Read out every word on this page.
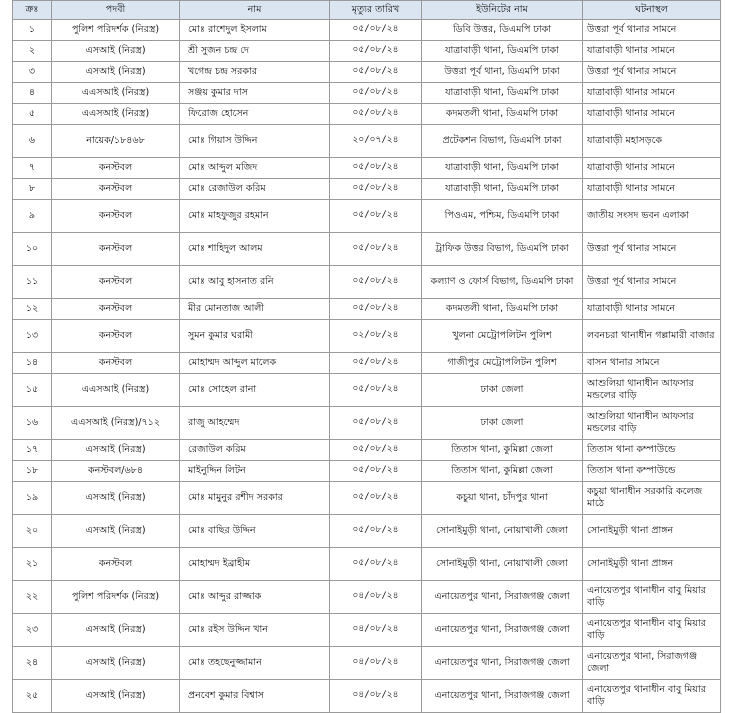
ক্রঃ	পদবী	নাম	মৃত্যুর তারিখ	ইউনিটের নাম	ঘটনাস্থল
১	পুলিশ পরিদর্শক (নিরস্ত্র)	মোঃ রাশেদুল ইসলাম	০৫/০৮/২৪	ডিবি উত্তর, ডিএমপি ঢাকা	উত্তরা পূর্ব থানার সামনে
২	এসআই (নিরস্ত্র)	শ্রী সুজন চন্দ্র দে	০৫/০৮/২৪	যাত্রাবাড়ী থানা, ডিএমপি ঢাকা	যাত্রাবাড়ী থানার সামনে
৩	এসআই (নিরস্ত্র)	খগেন্দ্র চন্দ্র সরকার	০৫/০৮/২৪	উত্তরা পূর্ব থানা, ডিএমপি ঢাকা	উত্তরা পূর্ব থানার সামনে
৪	এএসআই (নিরস্ত্র)	সঞ্জয় কুমার দাস	০৫/০৮/২৪	যাত্রাবাড়ী থানা, ডিএমপি ঢাকা	যাত্রাবাড়ী থানার সামনে
৫	এএসআই (নিরস্ত্র)	ফিরোজ হোসেন	০৫/০৮/২৪	কদমতলী থানা, ডিএমপি ঢাকা	যাত্রাবাড়ী থানার সামনে
৬	নায়েক/১৮৪৬৮	মোঃ গিয়াস উদ্দিন	২০/০৭/২৪	প্রটেকশন বিভাগ, ডিএমপি ঢাকা	যাত্রাবাড়ী মহাসড়কে
৭	কনস্টবল	মোঃ আব্দুল মজিদ	০৫/০৮/২৪	যাত্রাবাড়ী থানা, ডিএমপি ঢাকা	যাত্রাবাড়ী থানার সামনে
৮	কনস্টবল	মোঃ রেজাউল করিম	০৫/০৮/২৪	যাত্রাবাড়ী থানা, ডিএমপি ঢাকা	যাত্রাবাড়ী থানার সামনে
৯	কনস্টবল	মোঃ মাহফুজুর রহমান	০৫/০৮/২৪	পিওএম, পশ্চিম, ডিএমপি ঢাকা	জাতীয় সংসদ ভবন এলাকা
১০	কনস্টবল	মোঃ শাহিদুল আলম	০৫/০৮/২৪	ট্রাফিক উত্তর বিভাগ, ডিএমপি ঢাকা	উত্তরা পূর্ব থানার সামনে
১১	কনস্টবল	মোঃ আবু হাসনাত রনি	০৫/০৮/২৪	কল্যাণ ও ফোর্স বিভাগ, ডিএমপি ঢাকা	উত্তরা পূর্ব থানার সামনে
১২	কনস্টবল	মীর মোনতাজ আলী	০৫/০৮/২৪	কদমতলী থানা, ডিএমপি ঢাকা	যাত্রাবাড়ী থানার সামনে
১৩	কনস্টবল	সুমন কুমার ঘরামী	০২/০৮/২৪	খুলনা মেট্রোপলিটন পুলিশ	লবনচরা থানাধীন গল্লামারী বাজার
১৪	কনস্টবল	মোহাম্মদ আব্দুল মালেক	০৫/০৮/২৪	গাজীপুর মেট্রোপলিটন পুলিশ	বাসন থানার সামনে
১৫	এএসআই (নিরস্ত্র)	মোঃ সোহেল রানা	০৫/০৮/২৪	ঢাকা জেলা	আশুলিয়া থানাধীন আফসার মন্ডলের বাড়ি
১৬	এএসআই (নিরস্ত্র)/৭১২	রাজু আহম্মেদ	০৫/০৮/২৪	ঢাকা জেলা	আশুলিয়া থানাধীন আফসার মন্ডলের বাড়ি
১৭	এসআই (নিরস্ত্র)	রেজাউল করিম	০৫/০৮/২৪	তিতাস থানা, কুমিল্লা জেলা	তিতাস থানা কম্পাউন্ডে
১৮	কনস্টবল/৬৮৪	মাইনুদ্দিন লিটন	০৫/০৮/২৪	তিতাস থানা, কুমিল্লা জেলা	তিতাস থানা কম্পাউন্ডে
১৯	এসআই (নিরস্ত্র)	মোঃ মামুনুর রশীদ সরকার	০৫/০৮/২৪	কচুয়া থানা, চাঁদপুর থানা	কচুয়া থানাধীন সরকারি কলেজ মাঠে
২০	এসআই (নিরস্ত্র)	মোঃ বাছির উদ্দিন	০৫/০৮/২৪	সোনাইমুড়ী থানা, নোয়াখালী জেলা	সোনাইমুড়ী থানা প্রাঙ্গন
২১	কনস্টবল	মোহাম্মদ ইব্রাহীম	০৫/০৮/২৪	সোনাইমুড়ী থানা, নোয়াখালী জেলা	সোনাইমুড়ী থানা প্রাঙ্গন
২২	পুলিশ পরিদর্শক (নিরস্ত্র)	মোঃ আব্দুর রাজ্জাক	০৪/০৮/২৪	এনায়েতপুর থানা, সিরাজগঞ্জ জেলা	এনায়েতপুর থানাধীন বাবু মিয়ার বাড়ি
২৩	এসআই (নিরস্ত্র)	মোঃ রইস উদ্দিন খান	০৪/০৮/২৪	এনায়েতপুর থানা, সিরাজগঞ্জ জেলা	এনায়েতপুর থানাধীন বাবু মিয়ার বাড়ি
২৪	এসআই (নিরস্ত্র)	মোঃ তহছেনুজ্জামান	০৪/০৮/২৪	এনায়েতপুর থানা, সিরাজগঞ্জ জেলা	এনায়েতপুর থানা, সিরাজগঞ্জ জেলা
২৫	এসআই (নিরস্ত্র)	প্রনবেশ কুমার বিশ্বাস	০৪/০৮/২৪	এনায়েতপুর থানা, সিরাজগঞ্জ জেলা	এনায়েতপুর থানাধীন বাবু মিয়ার বাড়ি
